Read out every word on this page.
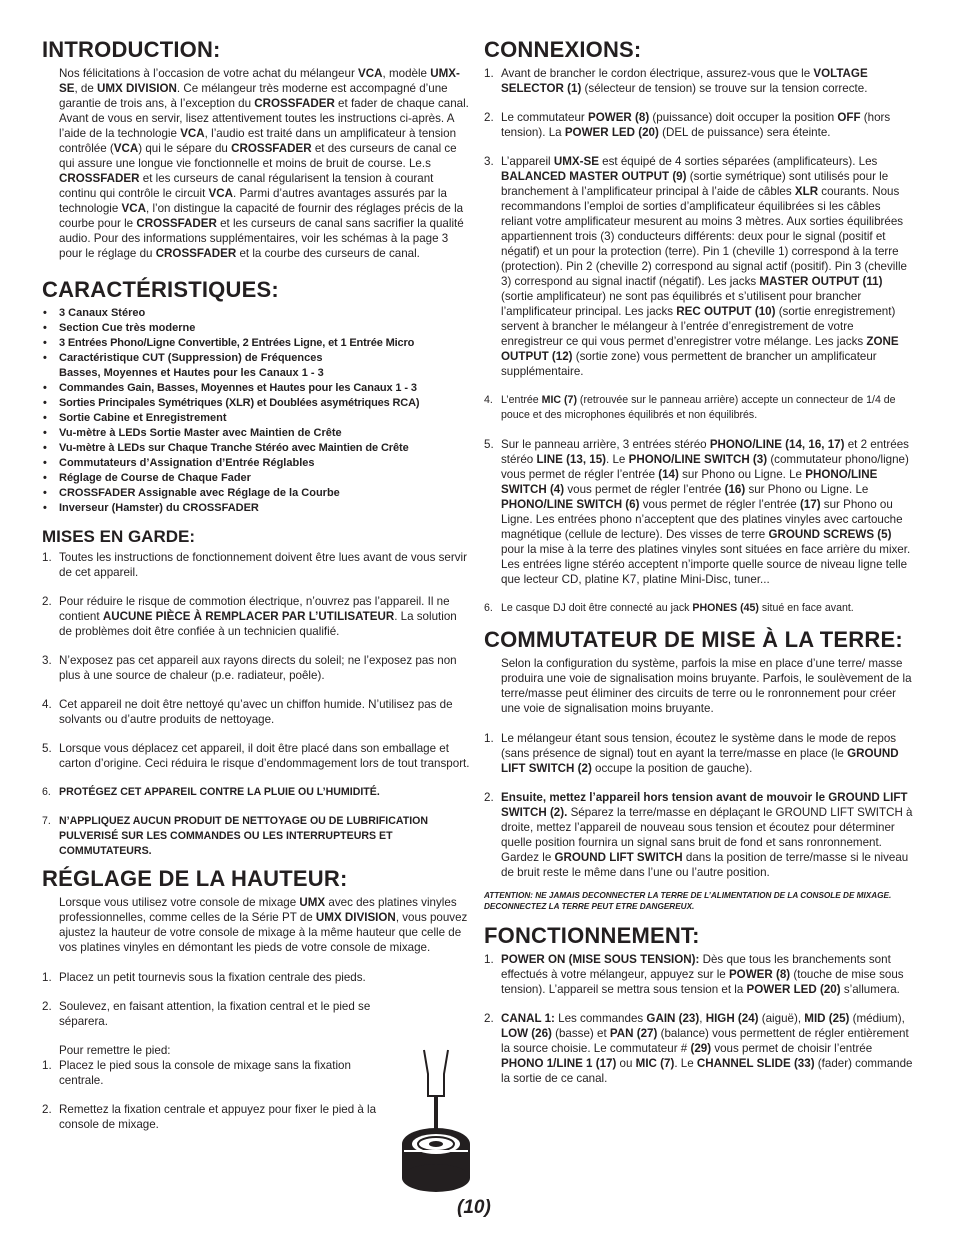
INTRODUCTION:

Nos félicitations à l’occasion de votre achat du mélangeur VCA, modèle UMX-SE, de UMX DIVISION. Ce mélangeur très moderne est accompagné d’une garantie de trois ans, à l’exception du CROSSFADER et fader de chaque canal. Avant de vous en servir, lisez attentivement toutes les instructions ci-après. A l’aide de la technologie VCA, l’audio est traité dans un amplificateur à tension contrôlée (VCA) qui le sépare du CROSSFADER et des curseurs de canal ce qui assure une longue vie fonctionnelle et moins de bruit de course. Le.s CROSSFADER et les curseurs de canal régularisent la tension à courant continu qui contrôle le circuit VCA. Parmi d’autres avantages assurés par la technologie VCA, l’on distingue la capacité de fournir des réglages précis de la courbe pour le CROSSFADER et les curseurs de canal sans sacrifier la qualité audio. Pour des informations supplémentaires, voir les schémas à la page 3 pour le réglage du CROSSFADER et la courbe des curseurs de canal.

CARACTÉRISTIQUES:
• 3 Canaux Stéreo
• Section Cue très moderne
• 3 Entrées Phono/Ligne Convertible, 2 Entrées Ligne, et 1 Entrée Micro
• Caractéristique CUT (Suppression) de Fréquences
Basses, Moyennes et Hautes pour les Canaux 1 - 3
• Commandes Gain, Basses, Moyennes et Hautes pour les Canaux 1 - 3
• Sorties Principales Symétriques (XLR) et Doublées asymétriques RCA)
• Sortie Cabine et Enregistrement
• Vu-mètre à LEDs Sortie Master avec Maintien de Crête
• Vu-mètre à LEDs sur Chaque Tranche Stéréo avec Maintien de Crête
• Commutateurs d’Assignation d’Entrée Réglables
• Réglage de Course de Chaque Fader
• CROSSFADER Assignable avec Réglage de la Courbe
• Inverseur (Hamster) du CROSSFADER
MISES EN GARDE:
1. Toutes les instructions de fonctionnement doivent être lues avant de vous servir de cet appareil.
2. Pour réduire le risque de commotion électrique, n’ouvrez pas l’appareil. Il ne contient AUCUNE PIÈCE À REMPLACER PAR L’UTILISATEUR. La solution de problèmes doit être confiée à un technicien qualifié.
3. N’exposez pas cet appareil aux rayons directs du soleil; ne l’exposez pas non plus à une source de chaleur (p.e. radiateur, poêle).
4. Cet appareil ne doit être nettoyé qu’avec un chiffon humide. N’utilisez pas de solvants ou d’autre produits de nettoyage.
5. Lorsque vous déplacez cet appareil, il doit être placé dans son emballage et carton d’origine. Ceci réduira le risque d’endommagement lors de tout transport.
6. PROTÉGEZ CET APPAREIL CONTRE LA PLUIE OU L’HUMIDITÉ.
7. N’APPLIQUEZ AUCUN PRODUIT DE NETTOYAGE OU DE LUBRIFICATION PULVERISÉ SUR LES COMMANDES OU LES INTERRUPTEURS ET COMMUTATEURS.
RÉGLAGE DE LA HAUTEUR:

Lorsque vous utilisez votre console de mixage UMX avec des platines vinyles professionnelles, comme celles de la Série PT de UMX DIVISION, vous pouvez ajustez la hauteur de votre console de mixage à la même hauteur que celle de vos platines vinyles en démontant les pieds de votre console de mixage.

1. Placez un petit tournevis sous la fixation centrale des pieds.
2. Soulevez, en faisant attention, la fixation central et le pied se séparera.

Pour remettre le pied:

1. Placez le pied sous la console de mixage sans la fixation centrale.
2. Remettez la fixation centrale et appuyez pour fixer le pied à la console de mixage.
CONNEXIONS:
1. Avant de brancher le cordon électrique, assurez-vous que le VOLTAGE SELECTOR (1) (sélecteur de tension) se trouve sur la tension correcte.
2. Le commutateur POWER (8) (puissance) doit occuper la position OFF (hors tension). La POWER LED (20) (DEL de puissance) sera éteinte.
3. L’appareil UMX-SE est équipé de 4 sorties séparées (amplificateurs). Les BALANCED MASTER OUTPUT (9) (sortie symétrique) sont utilisés pour le branchement à l’amplificateur principal à l’aide de câbles XLR courants. Nous recommandons l’emploi de sorties d’amplificateur équilibrées si les câbles reliant votre amplificateur mesurent au moins 3 mètres. Aux sorties équilibrées appartiennent trois (3) conducteurs différents: deux pour le signal (positif et négatif) et un pour la protection (terre). Pin 1 (cheville 1) correspond à la terre (protection). Pin 2 (cheville 2) correspond au signal actif (positif). Pin 3 (cheville 3) correspond au signal inactif (négatif). Les jacks MASTER OUTPUT (11) (sortie amplificateur) ne sont pas équilibrés et s’utilisent pour brancher l’amplificateur principal. Les jacks REC OUTPUT (10) (sortie enregistrement) servent à brancher le mélangeur à l’entrée d’enregistrement de votre enregistreur ce qui vous permet d’enregistrer votre mélange. Les jacks ZONE OUTPUT (12) (sortie zone) vous permettent de brancher un amplificateur supplémentaire.
4. L’entrée MIC (7) (retrouvée sur le panneau arrière) accepte un connecteur de 1/4 de pouce et des microphones équilibrés et non équilibrés.
5. Sur le panneau arrière, 3 entrées stéréo PHONO/LINE (14, 16, 17) et 2 entrées stéréo LINE (13, 15). Le PHONO/LINE SWITCH (3) (commutateur phono/ligne) vous permet de régler l’entrée (14) sur Phono ou Ligne. Le PHONO/LINE SWITCH (4) vous permet de régler l’entrée (16) sur Phono ou Ligne. Le PHONO/LINE SWITCH (6) vous permet de régler l’entrée (17) sur Phono ou Ligne. Les entrées phono n’acceptent que des platines vinyles avec cartouche magnétique (cellule de lecture). Des visses de terre GROUND SCREWS (5) pour la mise à la terre des platines vinyles sont situées en face arrière du mixer. Les entrées ligne stéréo acceptent n’importe quelle source de niveau ligne telle que lecteur CD, platine K7, platine Mini-Disc, tuner...
6. Le casque DJ doit être connecté au jack PHONES (45) situé en face avant.
COMMUTATEUR DE MISE À LA TERRE:

Selon la configuration du système, parfois la mise en place d’une terre/ masse produira une voie de signalisation moins bruyante. Parfois, le soulèvement de la terre/masse peut éliminer des circuits de terre ou le ronronnement pour créer une voie de signalisation moins bruyante.

1. Le mélangeur étant sous tension, écoutez le système dans le mode de repos (sans présence de signal) tout en ayant la terre/masse en place (le GROUND LIFT SWITCH (2) occupe la position de gauche).
2. Ensuite, mettez l’appareil hors tension avant de mouvoir le GROUND LIFT SWITCH (2). Séparez la terre/masse en déplaçant le GROUND LIFT SWITCH à droite, mettez l’appareil de nouveau sous tension et écoutez pour déterminer quelle position fournira un signal sans bruit de fond et sans ronronnement. Gardez le GROUND LIFT SWITCH dans la position de terre/masse si le niveau de bruit reste le même dans l’une ou l’autre position.

ATTENTION: NE JAMAIS DECONNECTER LA TERRE DE L’ALIMENTATION DE LA CONSOLE DE MIXAGE. DECONNECTEZ LA TERRE PEUT ETRE DANGEREUX.

FONCTIONNEMENT:
1. POWER ON (MISE SOUS TENSION): Dès que tous les branchements sont effectués à votre mélangeur, appuyez sur le POWER (8) (touche de mise sous tension). L’appareil se mettra sous tension et la POWER LED (20) s’allumera.
2. CANAL 1: Les commandes GAIN (23), HIGH (24) (aiguë), MID (25) (médium), LOW (26) (basse) et PAN (27) (balance) vous permettent de régler entièrement la source choisie. Le commutateur # (29) vous permet de choisir l’entrée PHONO 1/LINE 1 (17) ou MIC (7). Le CHANNEL SLIDE (33) (fader) commande la sortie de ce canal.
(10)
